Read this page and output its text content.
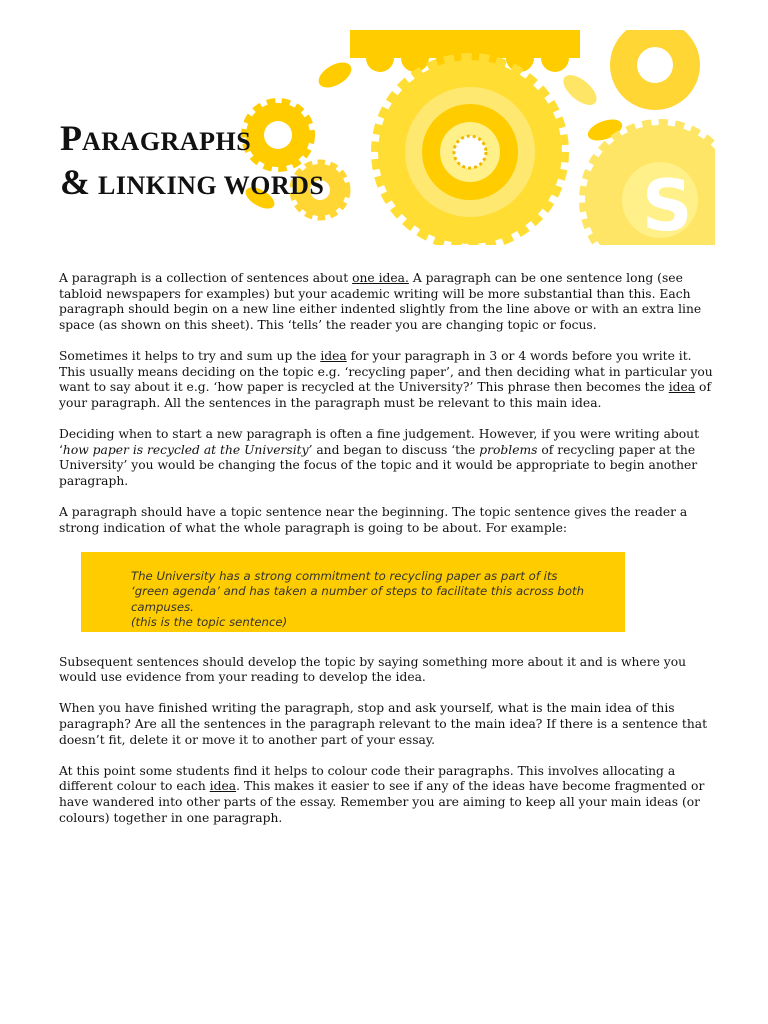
S
PARAGRAPHS
& LINKING WORDS

A paragraph is a collection of sentences about one idea. A paragraph can be one sentence long (see tabloid newspapers for examples) but your academic writing will be more substantial than this. Each paragraph should begin on a new line either indented slightly from the line above or with an extra line space (as shown on this sheet). This ‘tells’ the reader you are changing topic or focus.

Sometimes it helps to try and sum up the idea for your paragraph in 3 or 4 words before you write it. This usually means deciding on the topic e.g. ‘recycling paper’, and then deciding what in particular you want to say about it e.g. ‘how paper is recycled at the University?’ This phrase then becomes the idea of your paragraph. All the sentences in the paragraph must be relevant to this main idea.

Deciding when to start a new paragraph is often a fine judgement. However, if you were writing about ‘how paper is recycled at the University’ and began to discuss ‘the problems of recycling paper at the University’ you would be changing the focus of the topic and it would be appropriate to begin another paragraph.

A paragraph should have a topic sentence near the beginning. The topic sentence gives the reader a strong indication of what the whole paragraph is going to be about. For example:

The University has a strong commitment to recycling paper as part of its ‘green agenda’ and has taken a number of steps to facilitate this across both campuses.
(this is the topic sentence)

Subsequent sentences should develop the topic by saying something more about it and is where you would use evidence from your reading to develop the idea.

When you have finished writing the paragraph, stop and ask yourself, what is the main idea of this paragraph? Are all the sentences in the paragraph relevant to the main idea? If there is a sentence that doesn’t fit, delete it or move it to another part of your essay.

At this point some students find it helps to colour code their paragraphs. This involves allocating a different colour to each idea. This makes it easier to see if any of the ideas have become fragmented or have wandered into other parts of the essay. Remember you are aiming to keep all your main ideas (or colours) together in one paragraph.
